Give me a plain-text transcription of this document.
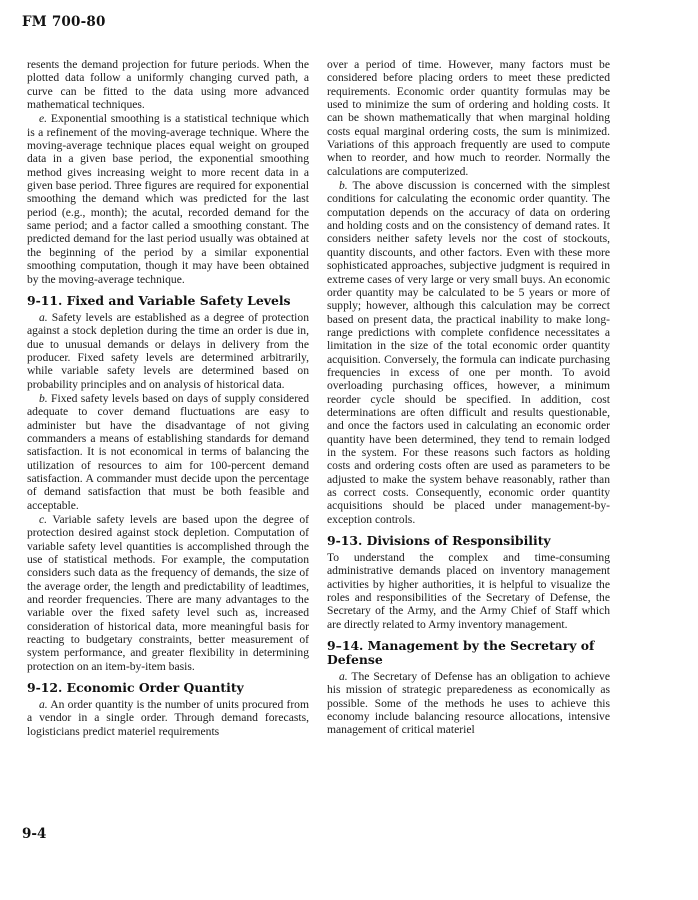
FM 700-80

resents the demand projection for future periods. When the plotted data follow a uniformly changing curved path, a curve can be fitted to the data using more advanced mathematical techniques.

e. Exponential smoothing is a statistical technique which is a refinement of the moving-average technique. Where the moving-average technique places equal weight on grouped data in a given base period, the exponential smoothing method gives increasing weight to more recent data in a given base period. Three figures are required for exponential smoothing the demand which was predicted for the last period (e.g., month); the acutal, recorded demand for the same period; and a factor called a smoothing constant. The predicted demand for the last period usually was obtained at the beginning of the period by a similar exponential smoothing computation, though it may have been obtained by the moving-average technique.

9-11. Fixed and Variable Safety Levels

a. Safety levels are established as a degree of protection against a stock depletion during the time an order is due in, due to unusual demands or delays in delivery from the producer. Fixed safety levels are determined arbitrarily, while variable safety levels are determined based on probability principles and on analysis of historical data.

b. Fixed safety levels based on days of supply considered adequate to cover demand fluctuations are easy to administer but have the disadvantage of not giving commanders a means of establishing standards for demand satisfaction. It is not economical in terms of balancing the utilization of resources to aim for 100-percent demand satisfaction. A commander must decide upon the percentage of demand satisfaction that must be both feasible and acceptable.

c. Variable safety levels are based upon the degree of protection desired against stock depletion. Computation of variable safety level quantities is accomplished through the use of statistical methods. For example, the computation considers such data as the frequency of demands, the size of the average order, the length and predictability of leadtimes, and reorder frequencies. There are many advantages to the variable over the fixed safety level such as, increased consideration of historical data, more meaningful basis for reacting to budgetary constraints, better measurement of system performance, and greater flexibility in determining protection on an item-by-item basis.

9-12. Economic Order Quantity

a. An order quantity is the number of units procured from a vendor in a single order. Through demand forecasts, logisticians predict materiel requirements

over a period of time. However, many factors must be considered before placing orders to meet these predicted requirements. Economic order quantity formulas may be used to minimize the sum of ordering and holding costs. It can be shown mathematically that when marginal holding costs equal marginal ordering costs, the sum is minimized. Variations of this approach frequently are used to compute when to reorder, and how much to reorder. Normally the calculations are computerized.

b. The above discussion is concerned with the simplest conditions for calculating the economic order quantity. The computation depends on the accuracy of data on ordering and holding costs and on the consistency of demand rates. It considers neither safety levels nor the cost of stockouts, quantity discounts, and other factors. Even with these more sophisticated approaches, subjective judgment is required in extreme cases of very large or very small buys. An economic order quantity may be calculated to be 5 years or more of supply; however, although this calculation may be correct based on present data, the practical inability to make long-range predictions with complete confidence necessitates a limitation in the size of the total economic order quantity acquisition. Conversely, the formula can indicate purchasing frequencies in excess of one per month. To avoid overloading purchasing offices, however, a minimum reorder cycle should be specified. In addition, cost determinations are often difficult and results questionable, and once the factors used in calculating an economic order quantity have been determined, they tend to remain lodged in the system. For these reasons such factors as holding costs and ordering costs often are used as parameters to be adjusted to make the system behave reasonably, rather than as correct costs. Consequently, economic order quantity acquisitions should be placed under management-by-exception controls.

9-13. Divisions of Responsibility

To understand the complex and time-consuming administrative demands placed on inventory management activities by higher authorities, it is helpful to visualize the roles and responsibilities of the Secretary of Defense, the Secretary of the Army, and the Army Chief of Staff which are directly related to Army inventory management.

9–14. Management by the Secretary of Defense

a. The Secretary of Defense has an obligation to achieve his mission of strategic preparedeness as economically as possible. Some of the methods he uses to achieve this economy include balancing resource allocations, intensive management of critical materiel

9-4
